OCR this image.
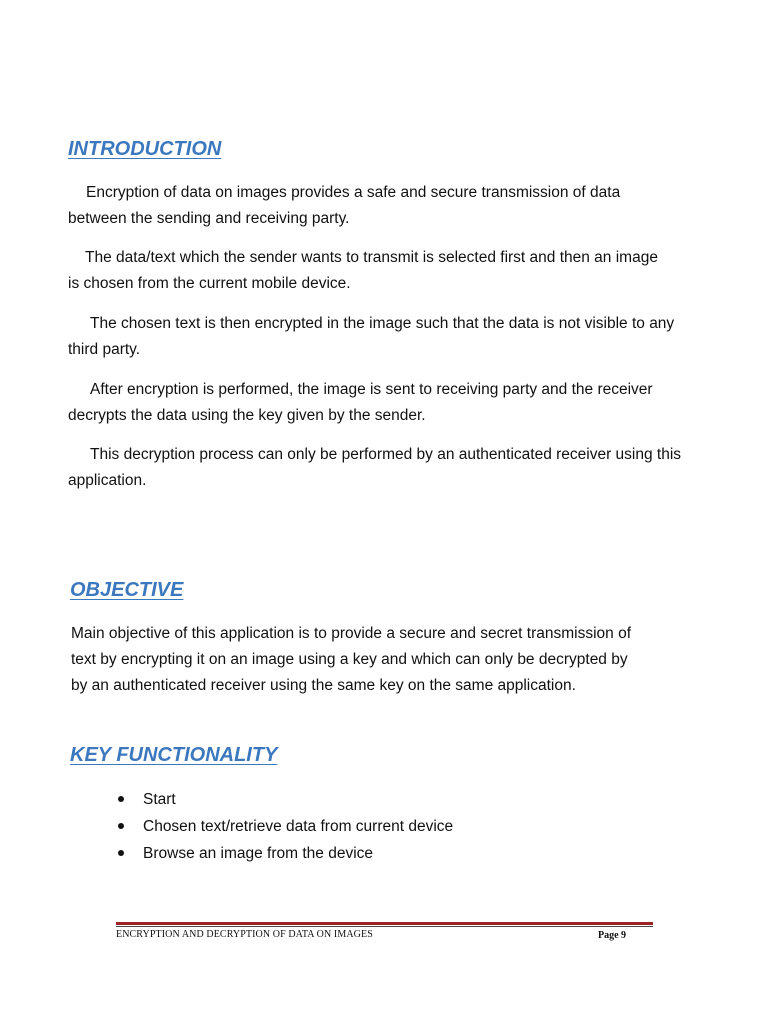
INTRODUCTION

Encryption of data on images provides a safe and secure transmission of data between the sending and receiving party.

The data/text which the sender wants to transmit is selected first and then an image is chosen from the current mobile device.

The chosen text is then encrypted in the image such that the data is not visible to any third party.

After encryption is performed, the image is sent to receiving party and the receiver decrypts the data using the key given by the sender.

This decryption process can only be performed by an authenticated receiver using this application.

OBJECTIVE

Main objective of this application is to provide a secure and secret transmission of text by encrypting it on an image using a key and which can only be decrypted by by an authenticated receiver using the same key on the same application.

KEY FUNCTIONALITY
Start
Chosen text/retrieve data from current device
Browse an image from the device
ENCRYPTION AND DECRYPTION OF DATA ON IMAGES	Page 9
